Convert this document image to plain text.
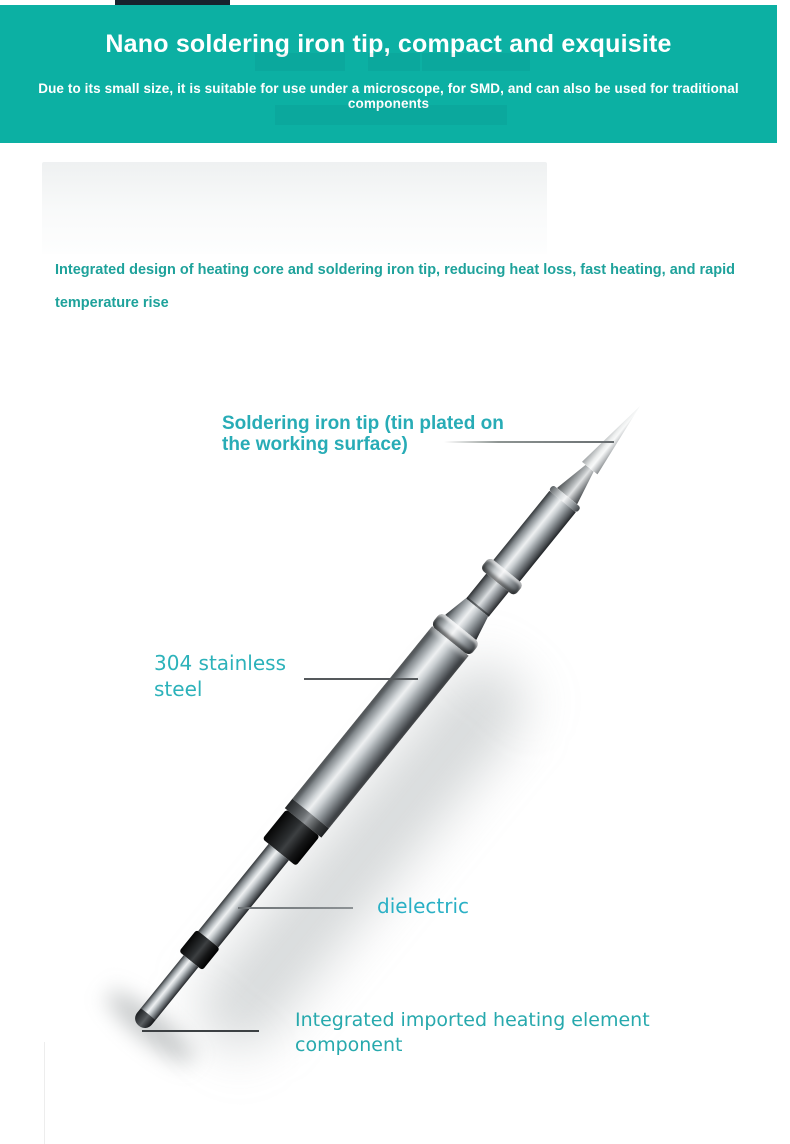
Nano soldering iron tip, compact and exquisite

Due to its small size, it is suitable for use under a microscope, for SMD, and can also be used for traditional components

Integrated design of heating core and soldering iron tip, reducing heat loss, fast heating, and rapid
temperature rise
Soldering iron tip (tin plated on
the working surface)
304 stainless
steel
dielectric
Integrated imported heating element
component
